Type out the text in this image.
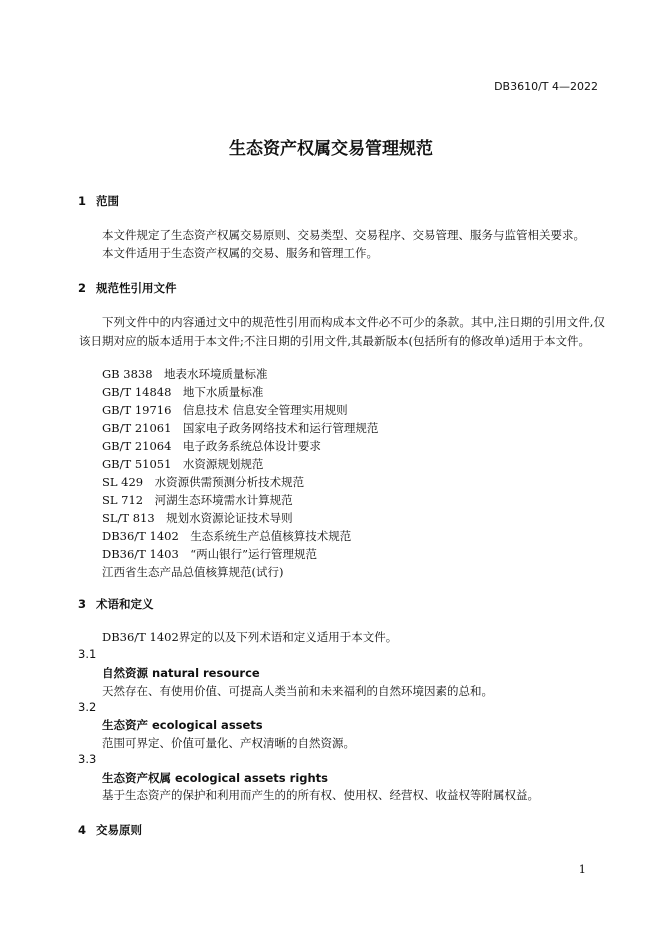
DB3610/T 4—2022
生态资产权属交易管理规范
1 范围
本文件规定了生态资产权属交易原则、交易类型、交易程序、交易管理、服务与监管相关要求。
本文件适用于生态资产权属的交易、服务和管理工作。
2 规范性引用文件
下列文件中的内容通过文中的规范性引用而构成本文件必不可少的条款。其中,注日期的引用文件,仅该日期对应的版本适用于本文件;不注日期的引用文件,其最新版本(包括所有的修改单)适用于本文件。
GB 3838　地表水环境质量标准
GB/T 14848　地下水质量标准
GB/T 19716　信息技术 信息安全管理实用规则
GB/T 21061　国家电子政务网络技术和运行管理规范
GB/T 21064　电子政务系统总体设计要求
GB/T 51051　水资源规划规范
SL 429　水资源供需预测分析技术规范
SL 712　河湖生态环境需水计算规范
SL/T 813　规划水资源论证技术导则
DB36/T 1402　生态系统生产总值核算技术规范
DB36/T 1403　“两山银行”运行管理规范
江西省生态产品总值核算规范(试行)
3 术语和定义
DB36/T 1402界定的以及下列术语和定义适用于本文件。
3.1
自然资源 natural resource
天然存在、有使用价值、可提高人类当前和未来福利的自然环境因素的总和。
3.2
生态资产 ecological assets
范围可界定、价值可量化、产权清晰的自然资源。
3.3
生态资产权属 ecological assets rights
基于生态资产的保护和利用而产生的的所有权、使用权、经营权、收益权等附属权益。
4 交易原则
1
